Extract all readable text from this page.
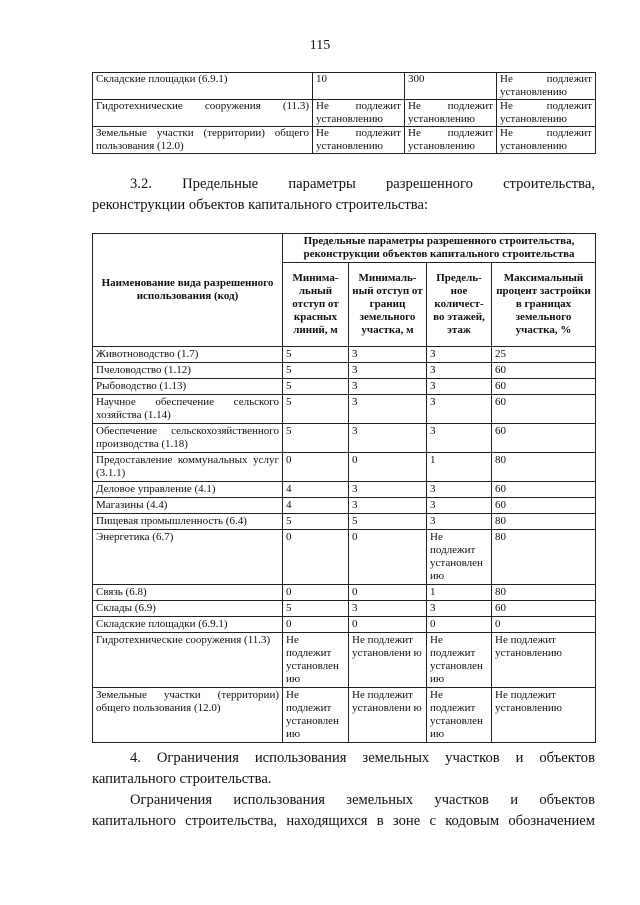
115
Складские площадки (6.9.1)	10	300	Не подлежит
установлению

Гидротехнические сооружения (11.3)	Не подлежит
установлению	Не подлежит
установлению	Не подлежит
установлению

Земельные участки (территории) общего
пользования (12.0)	Не подлежит
установлению	Не подлежит
установлению	Не подлежит
установлению

3.2. Предельные параметры разрешенного строительства,

реконструкции объектов капитального строительства:

Наименование вида разрешенного использования (код)	Предельные параметры разрешенного строительства, реконструкции объектов капитального строительства			
	Минима-льный отступ от красных линий, м	Минималь-ный отступ от границ земельного участка, м	Предель-ное количест-во этажей, этаж	Максимальный процент застройки в границах земельного участка, %
Животноводство (1.7)	5	3	3	25
Пчеловодство (1.12)	5	3	3	60
Рыбоводство (1.13)	5	3	3	60
Научное обеспечение сельского хозяйства (1.14)	5	3	3	60
Обеспечение сельскохозяйственного производства (1.18)	5	3	3	60
Предоставление коммунальных услуг (3.1.1)	0	0	1	80
Деловое управление (4.1)	4	3	3	60
Магазины (4.4)	4	3	3	60
Пищевая промышленность (6.4)	5	5	3	80
Энергетика (6.7)	0	0	Не подлежит установлен ию	80
Связь (6.8)	0	0	1	80
Склады (6.9)	5	3	3	60
Складские площадки (6.9.1)	0	0	0	0
Гидротехнические сооружения (11.3)	Не подлежит установлен ию	Не подлежит установлени ю	Не подлежит установлен ию	Не подлежит установлению
Земельные участки (территории) общего пользования (12.0)	Не подлежит установлен ию	Не подлежит установлени ю	Не подлежит установлен ию	Не подлежит установлению

4. Ограничения использования земельных участков и объектов
капитального строительства.

Ограничения использования земельных участков и объектов
капитального строительства, находящихся в зоне с кодовым обозначением
